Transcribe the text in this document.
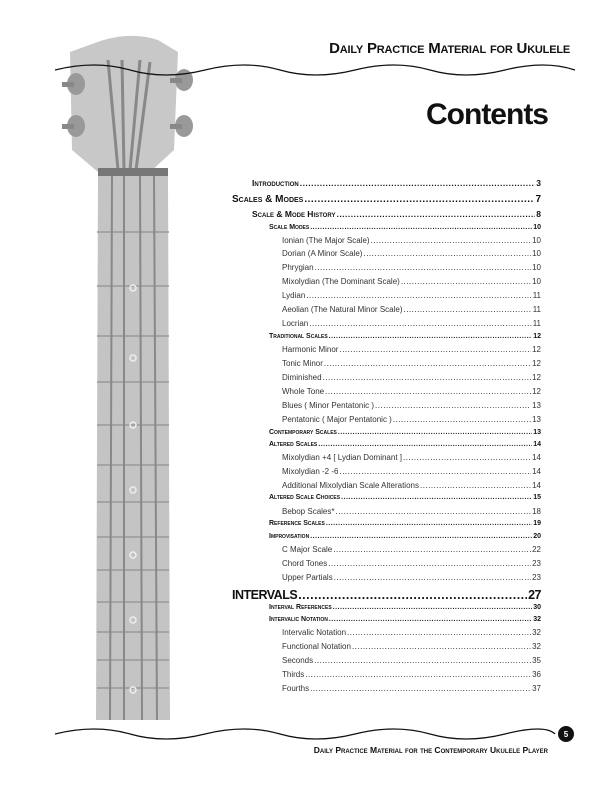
Daily Practice Material for Ukulele
Contents
Introduction .....	3
Scales & Modes .....	7
Scale & Mode History .....	8
Scale Modes .....	10
Ionian (The Major Scale) .....	10
Dorian (A Minor Scale) .....	10
Phrygian .....	10
Mixolydian (The Dominant Scale) .....	10
Lydian .....	11
Aeolian (The Natural Minor Scale) .....	11
Locrian .....	11
Traditional Scales .....	12
Harmonic Minor .....	12
Tonic Minor .....	12
Diminished .....	12
Whole Tone .....	12
Blues ( Minor Pentatonic ) .....	13
Pentatonic ( Major Pentatonic ) .....	13
Contemporary Scales .....	13
Altered Scales .....	14
Mixolydian +4 [ Lydian Dominant ] .....	14
Mixolydian -2 -6 .....	14
Additional Mixolydian Scale Alterations .....	14
Altered Scale Choices .....	15
Bebop Scales* .....	18
Reference Scales .....	19
Improvisation .....	20
C Major Scale .....	22
Chord Tones .....	23
Upper Partials .....	23
INTERVALS .....	27
Interval References .....	30
Intervalic Notation .....	32
Intervalic Notation .....	32
Functional Notation .....	32
Seconds .....	35
Thirds .....	36
Fourths .....	37
Daily Practice Material for the Contemporary Ukulele Player
5
